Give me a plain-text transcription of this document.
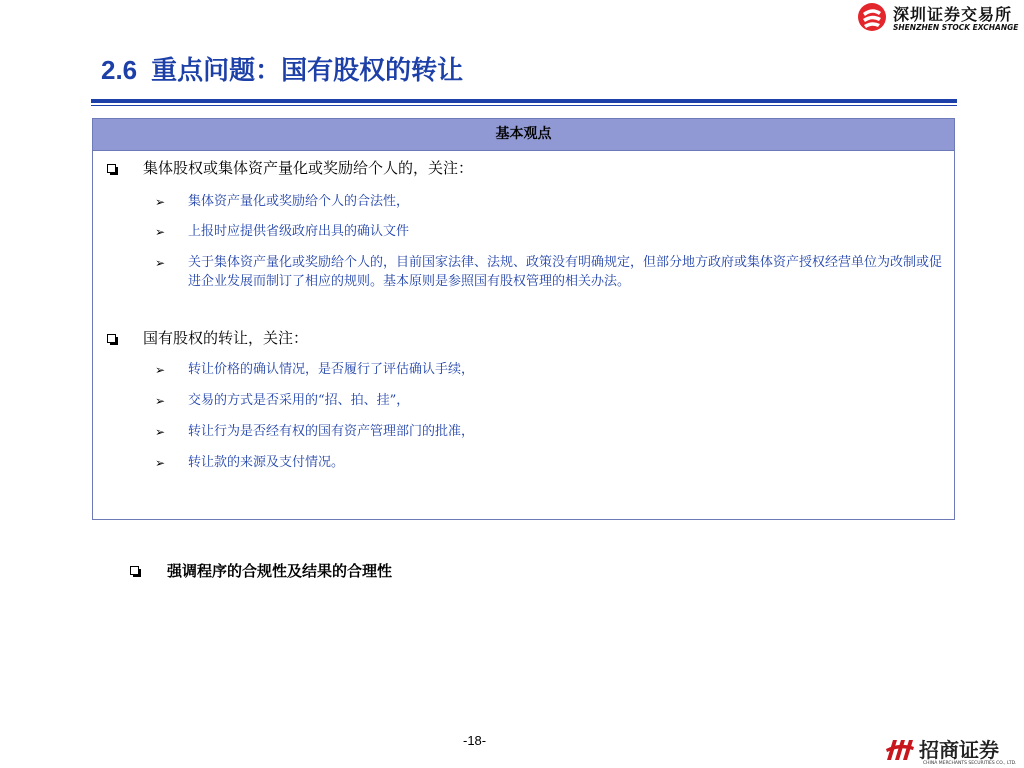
深圳证券交易所
SHENZHEN STOCK EXCHANGE
2.6 重点问题：国有股权的转让
基本观点
集体股权或集体资产量化或奖励给个人的，关注：
➢ 集体资产量化或奖励给个人的合法性，
➢ 上报时应提供省级政府出具的确认文件
➢ 关于集体资产量化或奖励给个人的，目前国家法律、法规、政策没有明确规定，但部分地方政府或集体资产授权经营单位为改制或促进企业发展而制订了相应的规则。基本原则是参照国有股权管理的相关办法。
国有股权的转让，关注：
➢ 转让价格的确认情况，是否履行了评估确认手续，
➢ 交易的方式是否采用的“招、拍、挂”，
➢ 转让行为是否经有权的国有资产管理部门的批准，
➢ 转让款的来源及支付情况。
强调程序的合规性及结果的合理性
-18-	招商证券
CHINA MERCHANTS SECURITIES CO., LTD.
